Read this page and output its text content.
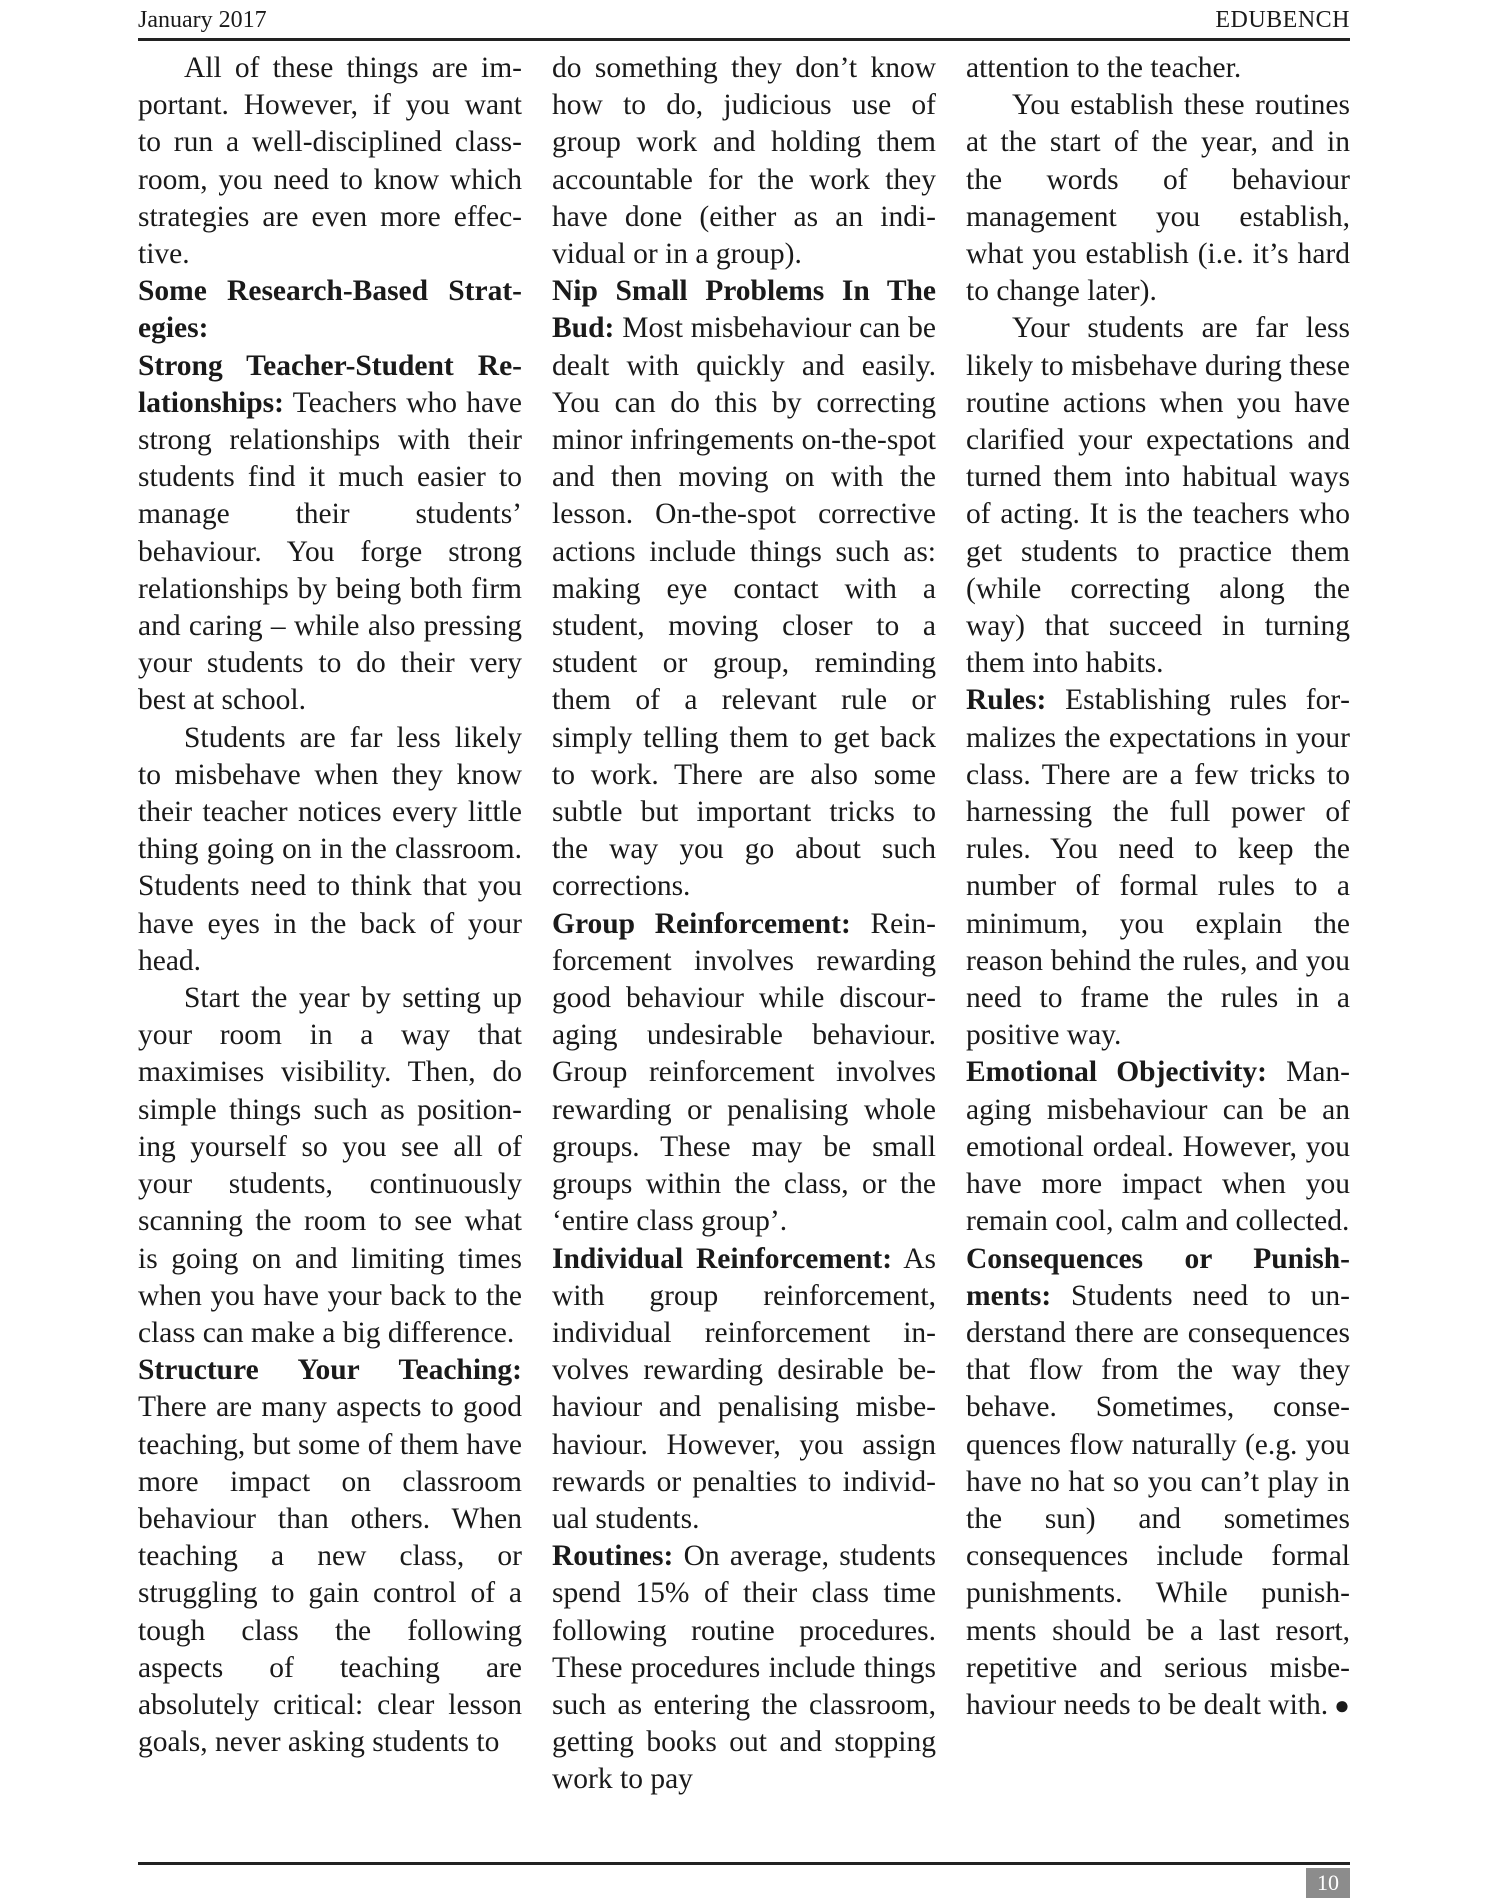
January 2017	EDUBENCH

All of these things are important. However, if you want to run a well-disciplined classroom, you need to know which strategies are even more effective.

Some Research-Based Strategies:

Strong Teacher-Student Relationships: Teachers who have strong relationships with their students find it much easier to manage their students’ behaviour. You forge strong relationships by being both firm and caring – while also pressing your students to do their very best at school.

Students are far less likely to misbehave when they know their teacher notices every little thing going on in the classroom. Students need to think that you have eyes in the back of your head.

Start the year by setting up your room in a way that maximises visibility. Then, do simple things such as positioning yourself so you see all of your students, continuously scanning the room to see what is going on and limiting times when you have your back to the class can make a big difference.

Structure Your Teaching: There are many aspects to good teaching, but some of them have more impact on classroom behaviour than others. When teaching a new class, or struggling to gain control of a tough class the following aspects of teaching are absolutely critical: clear lesson goals, never asking students to

do something they don’t know how to do, judicious use of group work and holding them accountable for the work they have done (either as an individual or in a group).

Nip Small Problems In The Bud: Most misbehaviour can be dealt with quickly and easily. You can do this by correcting minor infringements on-the-spot and then moving on with the lesson. On-the-spot corrective actions include things such as: making eye contact with a student, moving closer to a student or group, reminding them of a relevant rule or simply telling them to get back to work. There are also some subtle but important tricks to the way you go about such corrections.

Group Reinforcement: Reinforcement involves rewarding good behaviour while discouraging undesirable behaviour. Group reinforcement involves rewarding or penalising whole groups. These may be small groups within the class, or the ‘entire class group’.

Individual Reinforcement: As with group reinforcement, individual reinforcement involves rewarding desirable behaviour and penalising misbehaviour. However, you assign rewards or penalties to individual students.

Routines: On average, students spend 15% of their class time following routine procedures. These procedures include things such as entering the classroom, getting books out and stopping work to pay

attention to the teacher.

You establish these routines at the start of the year, and in the words of behaviour management you establish, what you establish (i.e. it’s hard to change later).

Your students are far less likely to misbehave during these routine actions when you have clarified your expectations and turned them into habitual ways of acting. It is the teachers who get students to practice them (while correcting along the way) that succeed in turning them into habits.

Rules: Establishing rules formalizes the expectations in your class. There are a few tricks to harnessing the full power of rules. You need to keep the number of formal rules to a minimum, you explain the reason behind the rules, and you need to frame the rules in a positive way.

Emotional Objectivity: Managing misbehaviour can be an emotional ordeal. However, you have more impact when you remain cool, calm and collected.

Consequences or Punishments: Students need to understand there are consequences that flow from the way they behave. Sometimes, consequences flow naturally (e.g. you have no hat so you can’t play in the sun) and sometimes consequences include formal punishments. While punishments should be a last resort, repetitive and serious misbehaviour needs to be dealt with. ●

10
